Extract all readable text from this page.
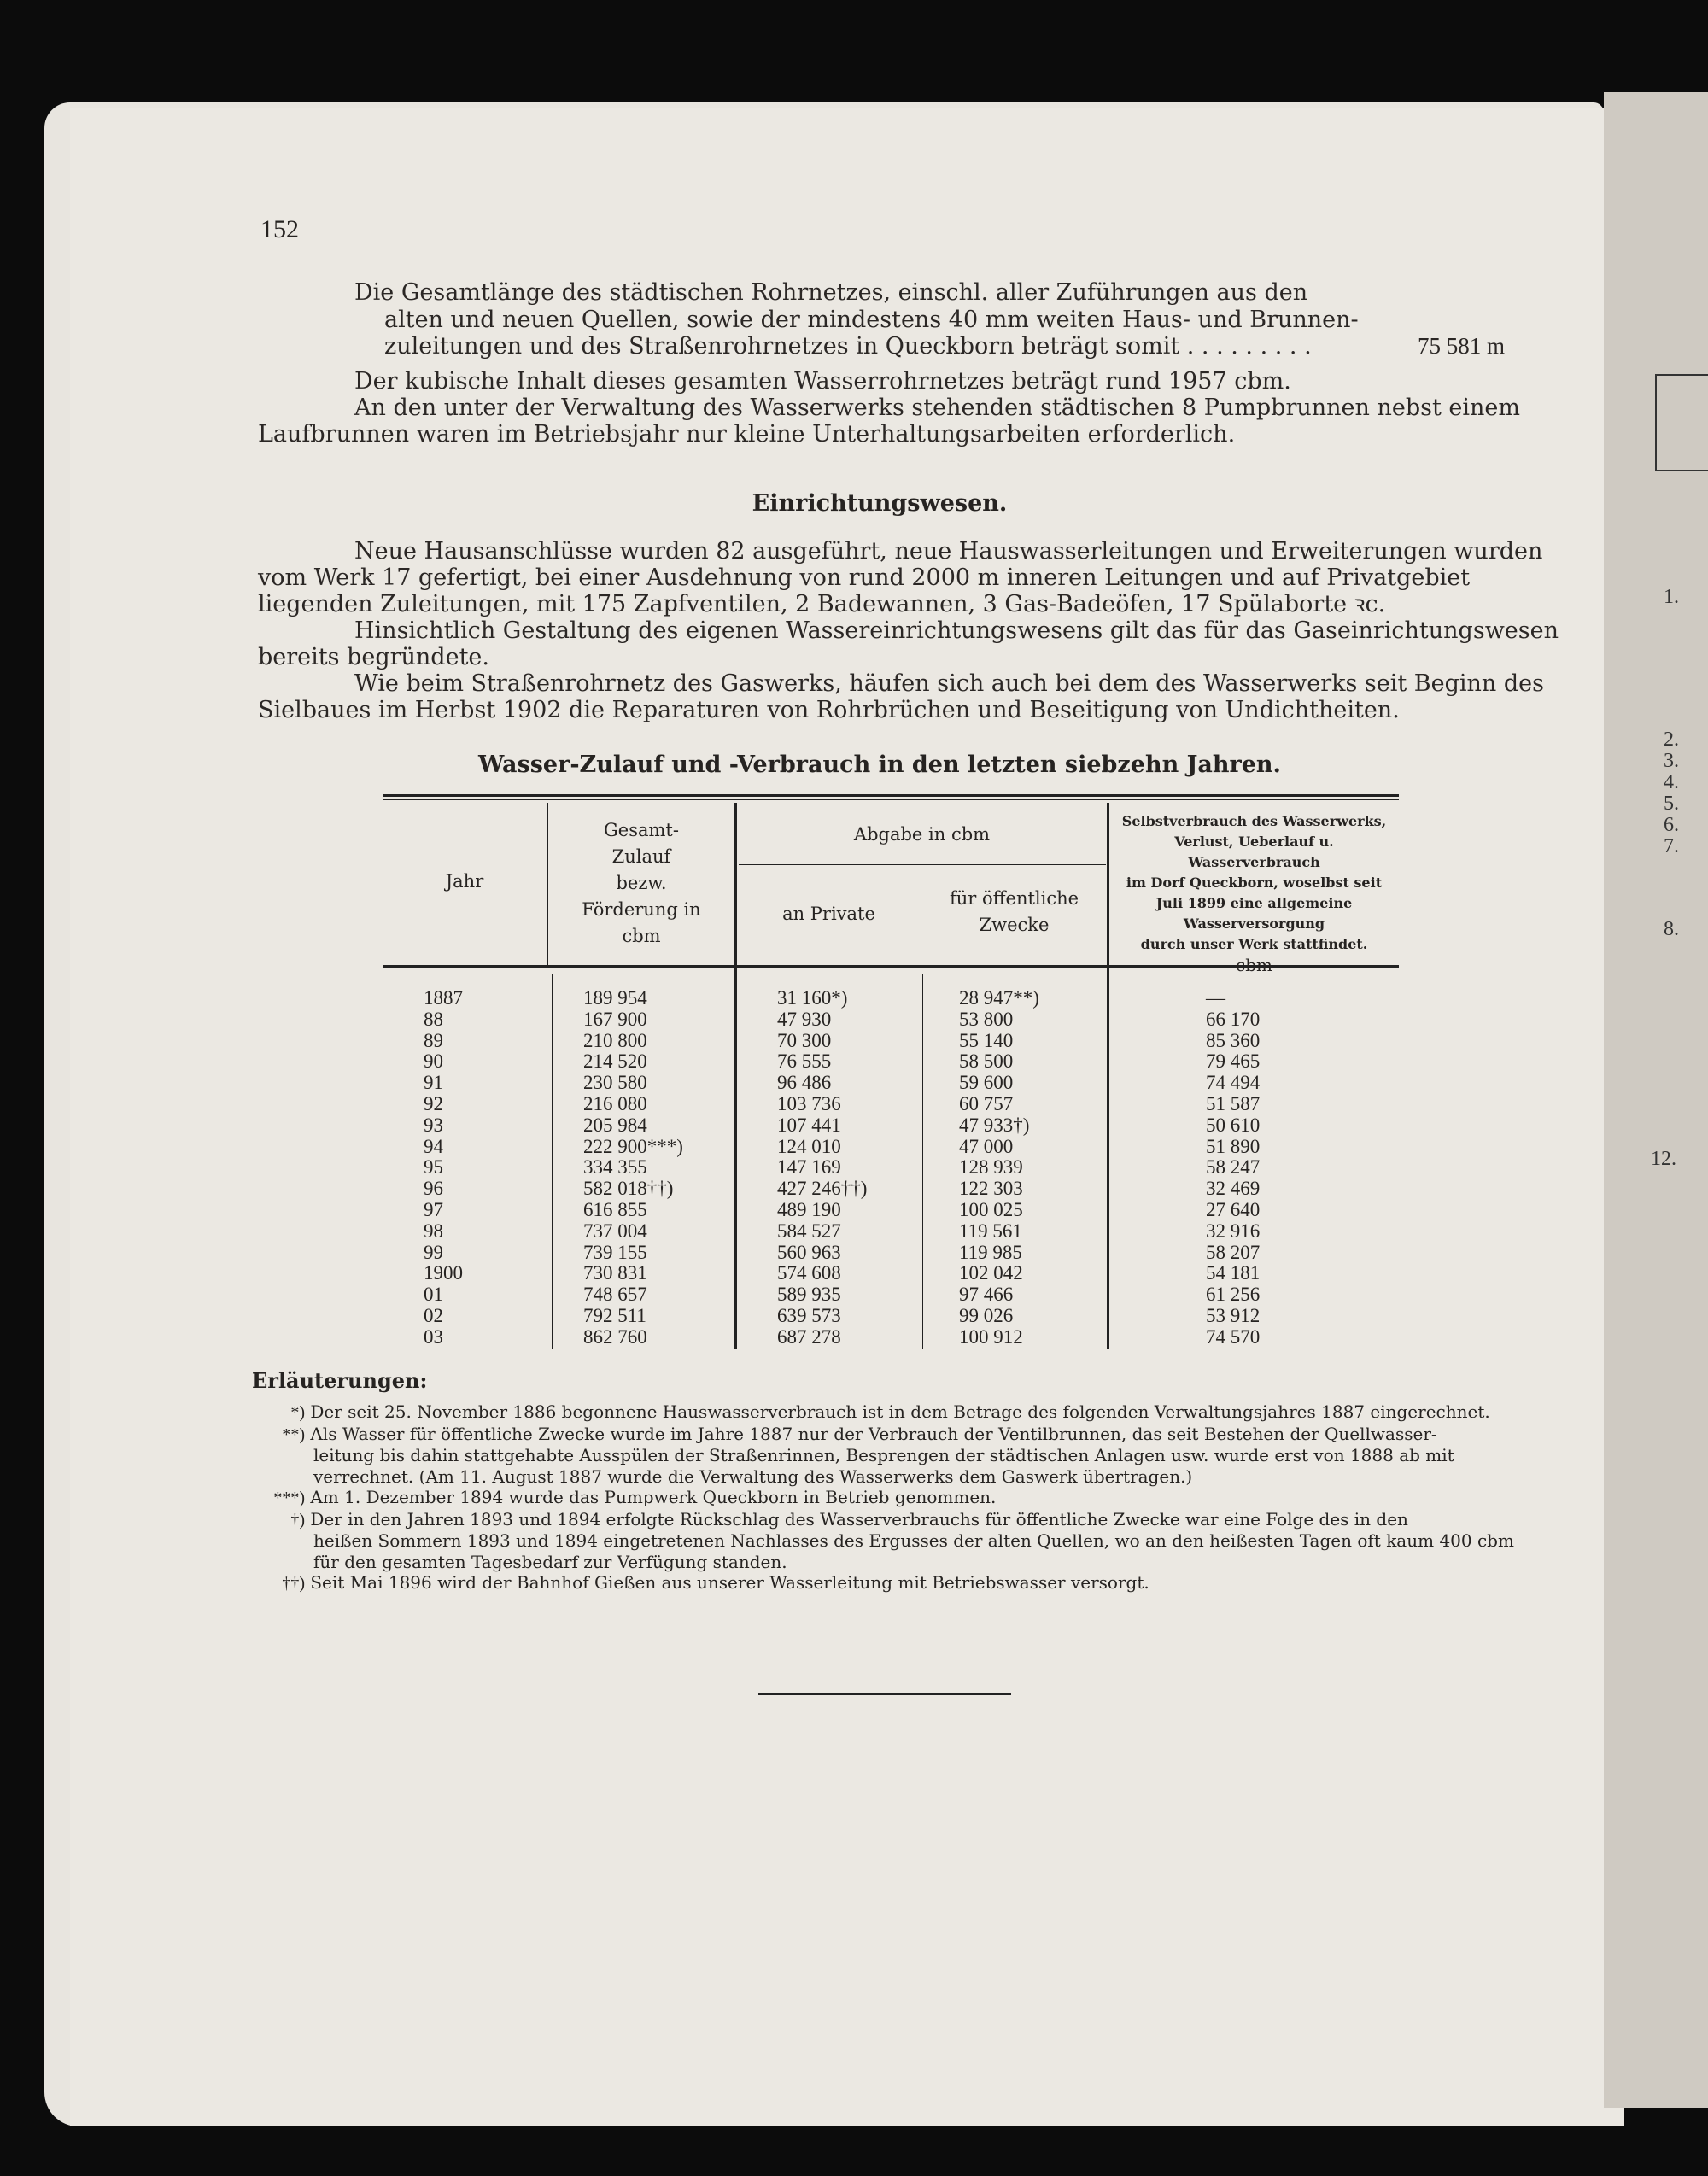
1.
2.
3.
4.
5.
6.
7.
8.
12.
152
Die Gesamtlänge des städtischen Rohrnetzes, einschl. aller Zuführungen aus den
alten und neuen Quellen, sowie der mindestens 40 mm weiten Haus- und Brunnen-
zuleitungen und des Straßenrohrnetzes in Queckborn beträgt somit . . . . . . . . .	75 581 m
Der kubische Inhalt dieses gesamten Wasserrohrnetzes beträgt rund 1957 cbm.
An den unter der Verwaltung des Wasserwerks stehenden städtischen 8 Pumpbrunnen nebst einem
Laufbrunnen waren im Betriebsjahr nur kleine Unterhaltungsarbeiten erforderlich.
Einrichtungswesen.
Neue Hausanschlüsse wurden 82 ausgeführt, neue Hauswasserleitungen und Erweiterungen wurden
vom Werk 17 gefertigt, bei einer Ausdehnung von rund 2000 m inneren Leitungen und auf Privatgebiet
liegenden Zuleitungen, mit 175 Zapfventilen, 2 Badewannen, 3 Gas-Badeöfen, 17 Spülaborte ꝛc.
Hinsichtlich Gestaltung des eigenen Wassereinrichtungswesens gilt das für das Gaseinrichtungswesen
bereits begründete.
Wie beim Straßenrohrnetz des Gaswerks, häufen sich auch bei dem des Wasserwerks seit Beginn des
Sielbaues im Herbst 1902 die Reparaturen von Rohrbrüchen und Beseitigung von Undichtheiten.
Wasser-Zulauf und -Verbrauch in den letzten siebzehn Jahren.
Jahr
Gesamt-
Zulauf
bezw.
Förderung in
cbm
Abgabe in cbm
an Private
für öffentliche
Zwecke
Selbstverbrauch des Wasserwerks,
Verlust, Ueberlauf u. Wasserverbrauch
im Dorf Queckborn, woselbst seit
Juli 1899 eine allgemeine
Wasserversorgung
durch unser Werk stattfindet.
cbm
1887	189 954	31 160*)	28 947**)	—
88	167 900	47 930	53 800	66 170
89	210 800	70 300	55 140	85 360
90	214 520	76 555	58 500	79 465
91	230 580	96 486	59 600	74 494
92	216 080	103 736	60 757	51 587
93	205 984	107 441	47 933†)	50 610
94	222 900***)	124 010	47 000	51 890
95	334 355	147 169	128 939	58 247
96	582 018††)	427 246††)	122 303	32 469
97	616 855	489 190	100 025	27 640
98	737 004	584 527	119 561	32 916
99	739 155	560 963	119 985	58 207
1900	730 831	574 608	102 042	54 181
01	748 657	589 935	97 466	61 256
02	792 511	639 573	99 026	53 912
03	862 760	687 278	100 912	74 570
Erläuterungen:
*) Der seit 25. November 1886 begonnene Hauswasserverbrauch ist in dem Betrage des folgenden Verwaltungsjahres 1887 eingerechnet.
**) Als Wasser für öffentliche Zwecke wurde im Jahre 1887 nur der Verbrauch der Ventilbrunnen, das seit Bestehen der Quellwasser-
leitung bis dahin stattgehabte Ausspülen der Straßenrinnen, Besprengen der städtischen Anlagen usw. wurde erst von 1888 ab mit
verrechnet. (Am 11. August 1887 wurde die Verwaltung des Wasserwerks dem Gaswerk übertragen.)
***) Am 1. Dezember 1894 wurde das Pumpwerk Queckborn in Betrieb genommen.
†) Der in den Jahren 1893 und 1894 erfolgte Rückschlag des Wasserverbrauchs für öffentliche Zwecke war eine Folge des in den
heißen Sommern 1893 und 1894 eingetretenen Nachlasses des Ergusses der alten Quellen, wo an den heißesten Tagen oft kaum 400 cbm
für den gesamten Tagesbedarf zur Verfügung standen.
††) Seit Mai 1896 wird der Bahnhof Gießen aus unserer Wasserleitung mit Betriebswasser versorgt.
